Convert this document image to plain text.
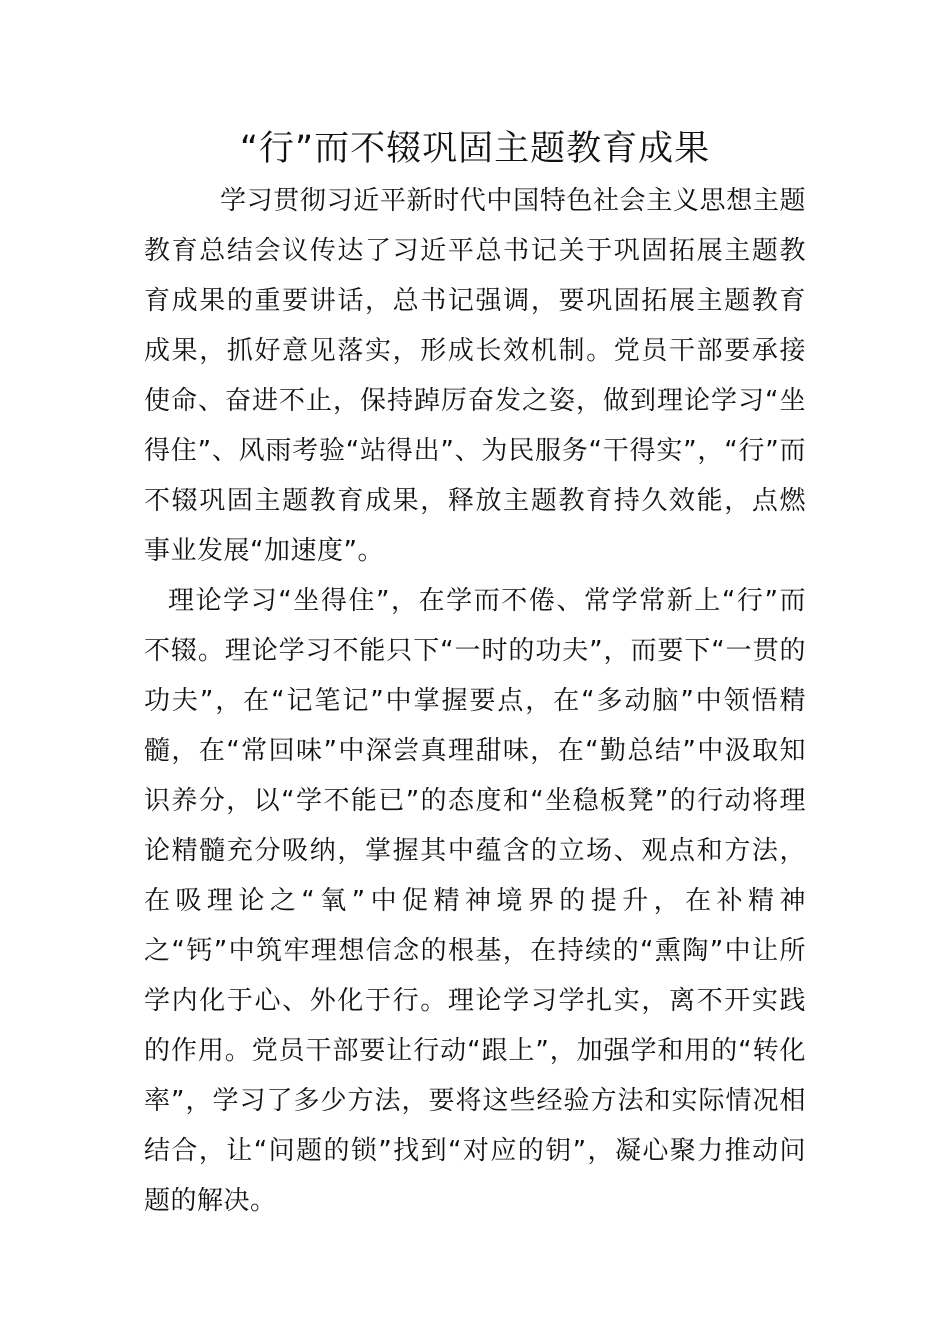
“行”而不辍巩固主题教育成果

学习贯彻习近平新时代中国特色社会主义思想主题教育总结会议传达了习近平总书记关于巩固拓展主题教育成果的重要讲话，总书记强调，要巩固拓展主题教育成果，抓好意见落实，形成长效机制。党员干部要承接使命、奋进不止，保持踔厉奋发之姿，做到理论学习“坐得住”、风雨考验“站得出”、为民服务“干得实”，“行”而不辍巩固主题教育成果，释放主题教育持久效能，点燃事业发展“加速度”。

理论学习“坐得住”，在学而不倦、常学常新上“行”而不辍。理论学习不能只下“一时的功夫”，而要下“一贯的功夫”，在“记笔记”中掌握要点，在“多动脑”中领悟精髓，在“常回味”中深尝真理甜味，在“勤总结”中汲取知识养分，以“学不能已”的态度和“坐稳板凳”的行动将理论精髓充分吸纳，掌握其中蕴含的立场、观点和方法，在吸理论之“氧”中促精神境界的提升，在补精神之“钙”中筑牢理想信念的根基，在持续的“熏陶”中让所学内化于心、外化于行。理论学习学扎实，离不开实践的作用。党员干部要让行动“跟上”，加强学和用的“转化率”，学习了多少方法，要将这些经验方法和实际情况相结合，让“问题的锁”找到“对应的钥”，凝心聚力推动问题的解决。
